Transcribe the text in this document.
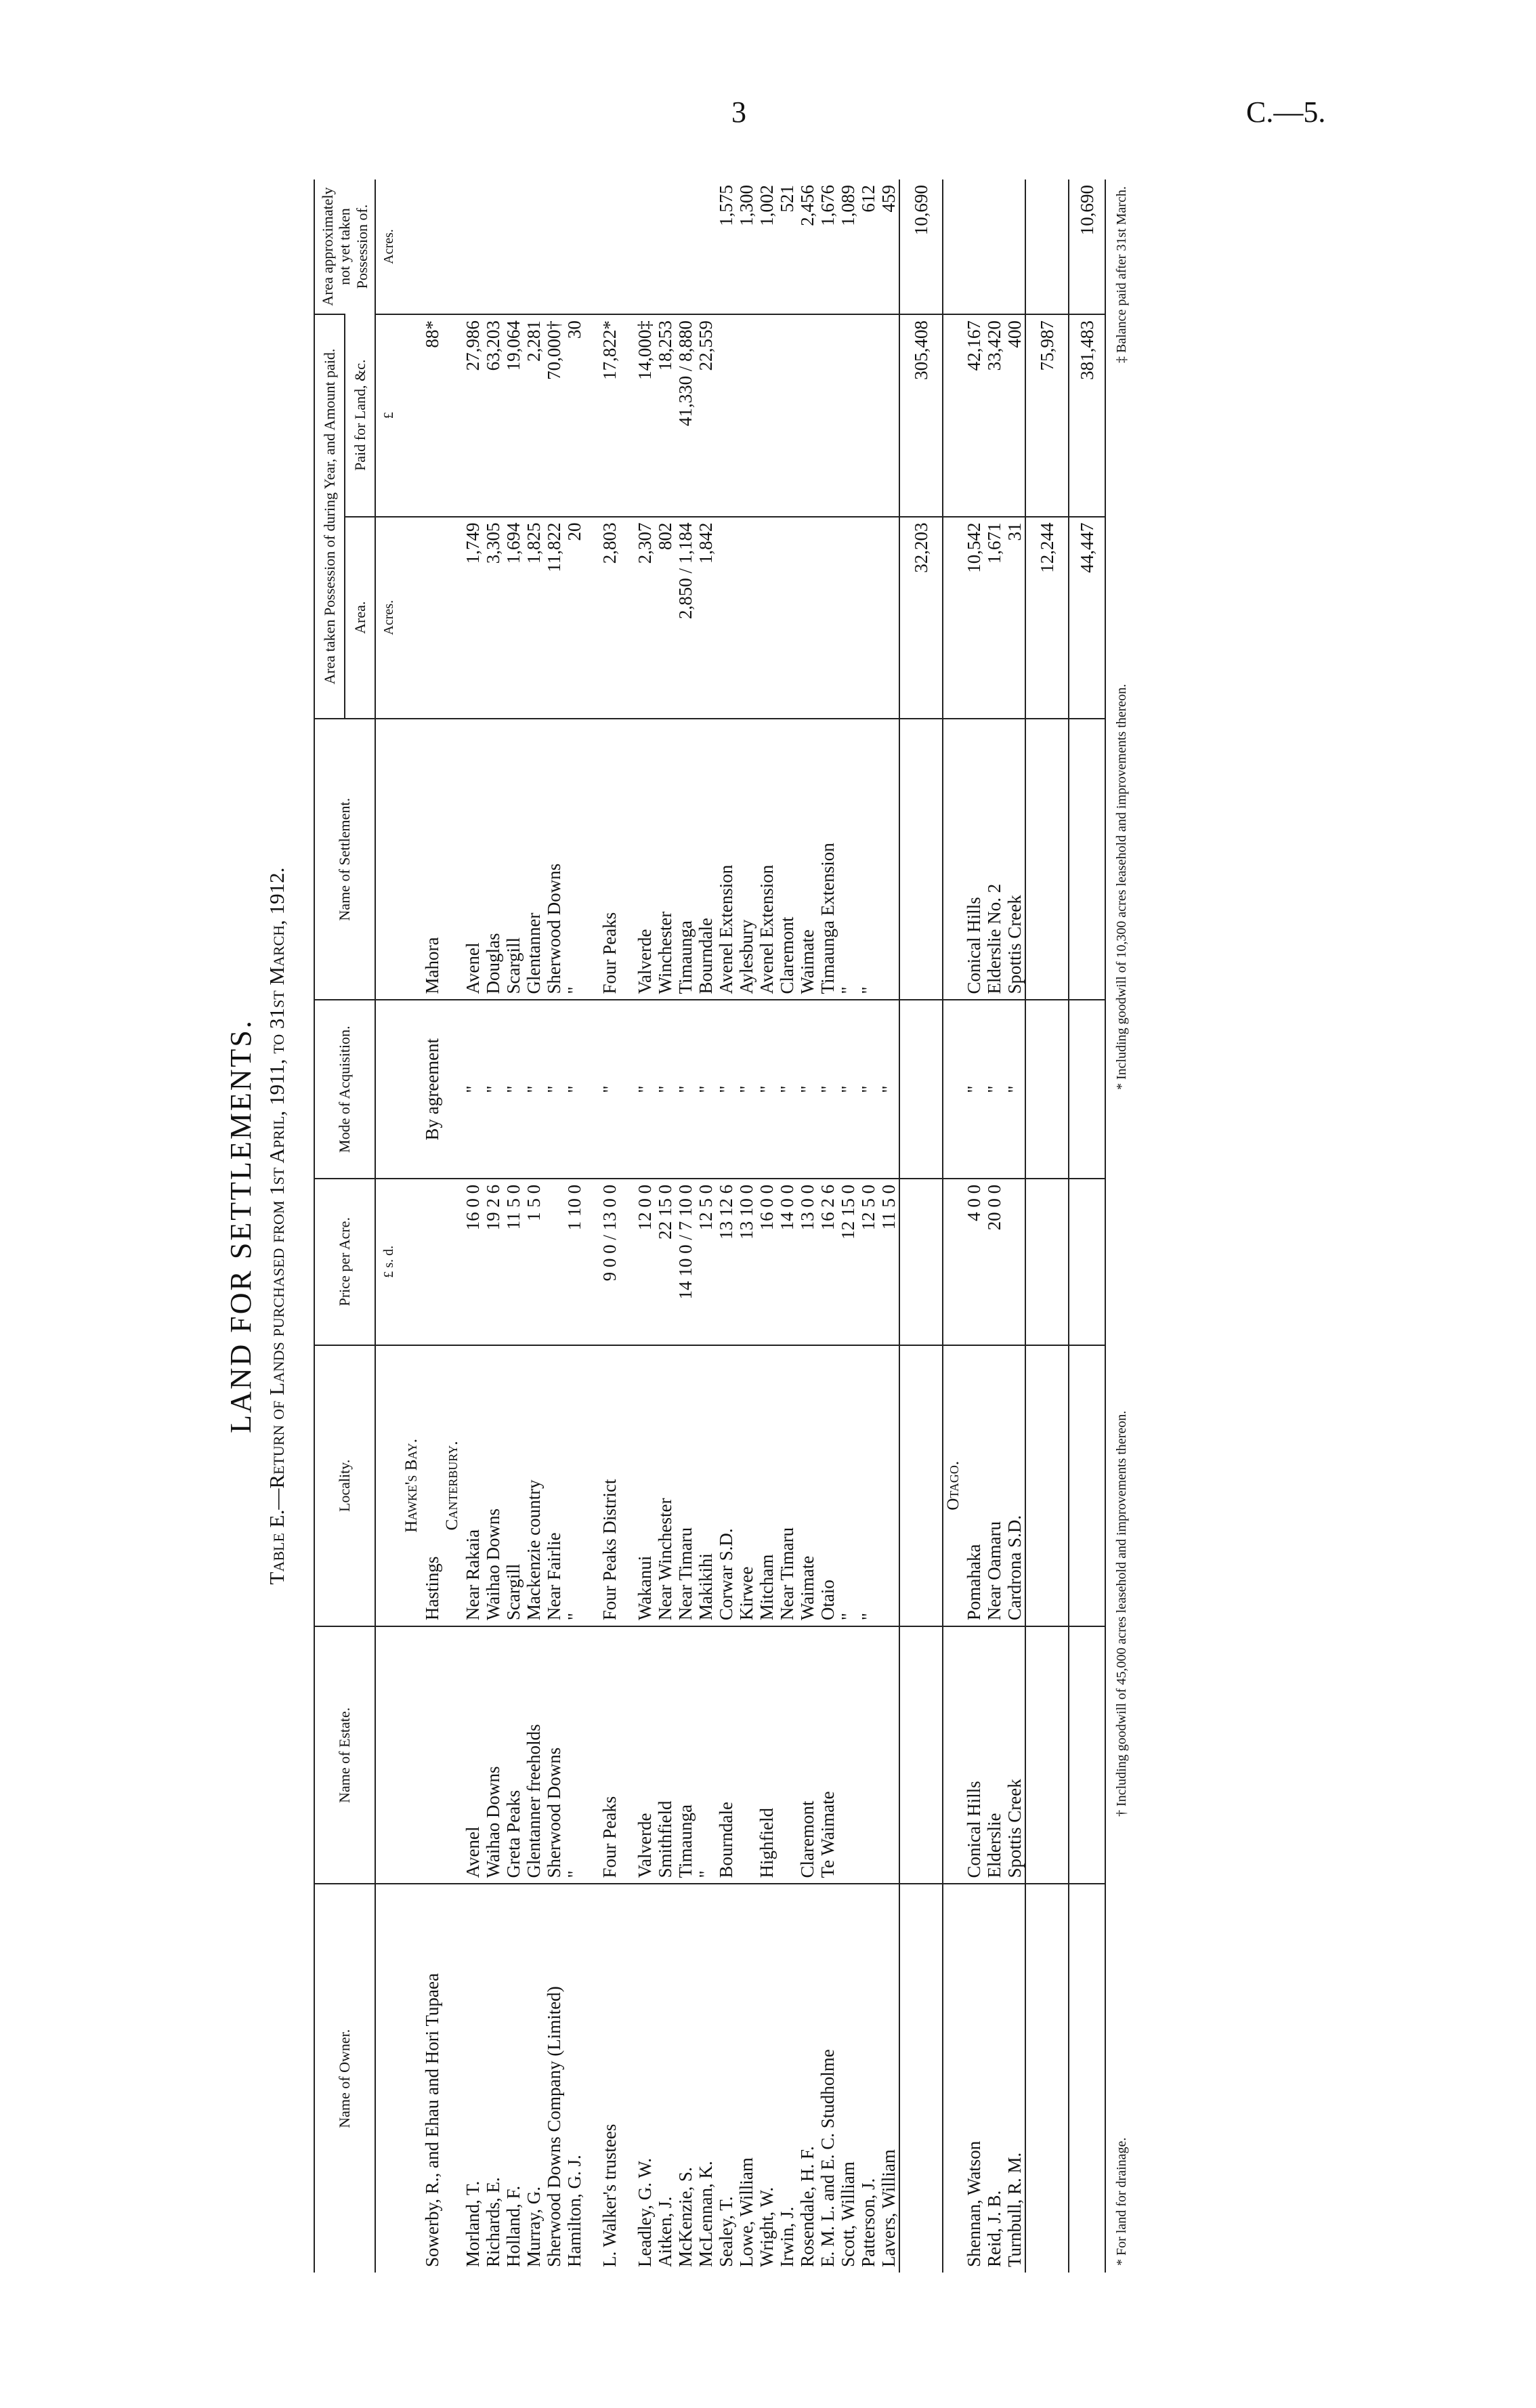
3	C.—5.
LAND FOR SETTLEMENTS. Table E.—Return of Lands purchased from 1st April, 1911, to 31st March, 1912.
Name of Owner.	Name of Estate.	Locality.	Price per Acre.	Mode of Acquisition.	Name of Settlement.	Area taken Possession of during Year, and Amount paid.		Area approximately not yet taken Possession of.
						Area.	Paid for Land, &c.	
			£ s. d.			Acres.	£	Acres.
		Hawke's Bay.						
Sowerby, R., and Ehau and Hori Tupaea		Hastings		By agreement	Mahora		88*	
		Canterbury.						
Morland, T.	Avenel	Near Rakaia	16 0 0	"	Avenel	1,749	27,986	
Richards, E.	Waihao Downs	Waihao Downs	19 2 6	"	Douglas	3,305	63,203	
Holland, F.	Greta Peaks	Scargill	11 5 0	"	Scargill	1,694	19,064	
Murray, G.	Glentanner freeholds	Mackenzie country	1 5 0	"	Glentanner	1,825	2,281	
Sherwood Downs Company (Limited)	Sherwood Downs	Near Fairlie		"	Sherwood Downs	11,822	70,000†	
Hamilton, G. J.	"	"	1 10 0	"	"	20	30	

L. Walker's trustees	Four Peaks	Four Peaks District	9 0 0 / 13 0 0	"	Four Peaks	2,803	17,822*	

Leadley, G. W.	Valverde	Wakanui	12 0 0	"	Valverde	2,307	14,000‡	
Aitken, J.	Smithfield	Near Winchester	22 15 0	"	Winchester	802	18,253	
McKenzie, S.	Timaunga	Near Timaru	14 10 0 / 7 10 0	"	Timaunga	2,850 / 1,184	41,330 / 8,880	
McLennan, K.	"	Makikihi	12 5 0	"	Bourndale	1,842	22,559	
Sealey, T.	Bourndale	Corwar S.D.	13 12 6	"	Avenel Extension			1,575
Lowe, William		Kirwee	13 10 0	"	Aylesbury			1,300
Wright, W.	Highfield	Mitcham	16 0 0	"	Avenel Extension			1,002
Irwin, J.		Near Timaru	14 0 0	"	Claremont			521
Rosendale, H. F.	Claremont	Waimate	13 0 0	"	Waimate			2,456
E. M. L. and E. C. Studholme	Te Waimate	Otaio	16 2 6	"	Timaunga Extension			1,676
Scott, William		"	12 15 0	"	"			1,089
Patterson, J.		"	12 5 0	"	"			612
Lavers, William			11 5 0	"				459
						32,203	305,408	10,690
		Otago.						
Shennan, Watson	Conical Hills	Pomahaka	4 0 0	"	Conical Hills	10,542	42,167	
Reid, J. B.	Elderslie	Near Oamaru	20 0 0	"	Elderslie No. 2	1,671	33,420	
Turnbull, R. M.	Spottis Creek	Cardrona S.D.		"	Spottis Creek	31	400	
						12,244	75,987	
						44,447	381,483	10,690
* For land for drainage.
† Including goodwill of 45,000 acres leasehold and improvements thereon.
* Including goodwill of 10,300 acres leasehold and improvements thereon.
‡ Balance paid after 31st March.
